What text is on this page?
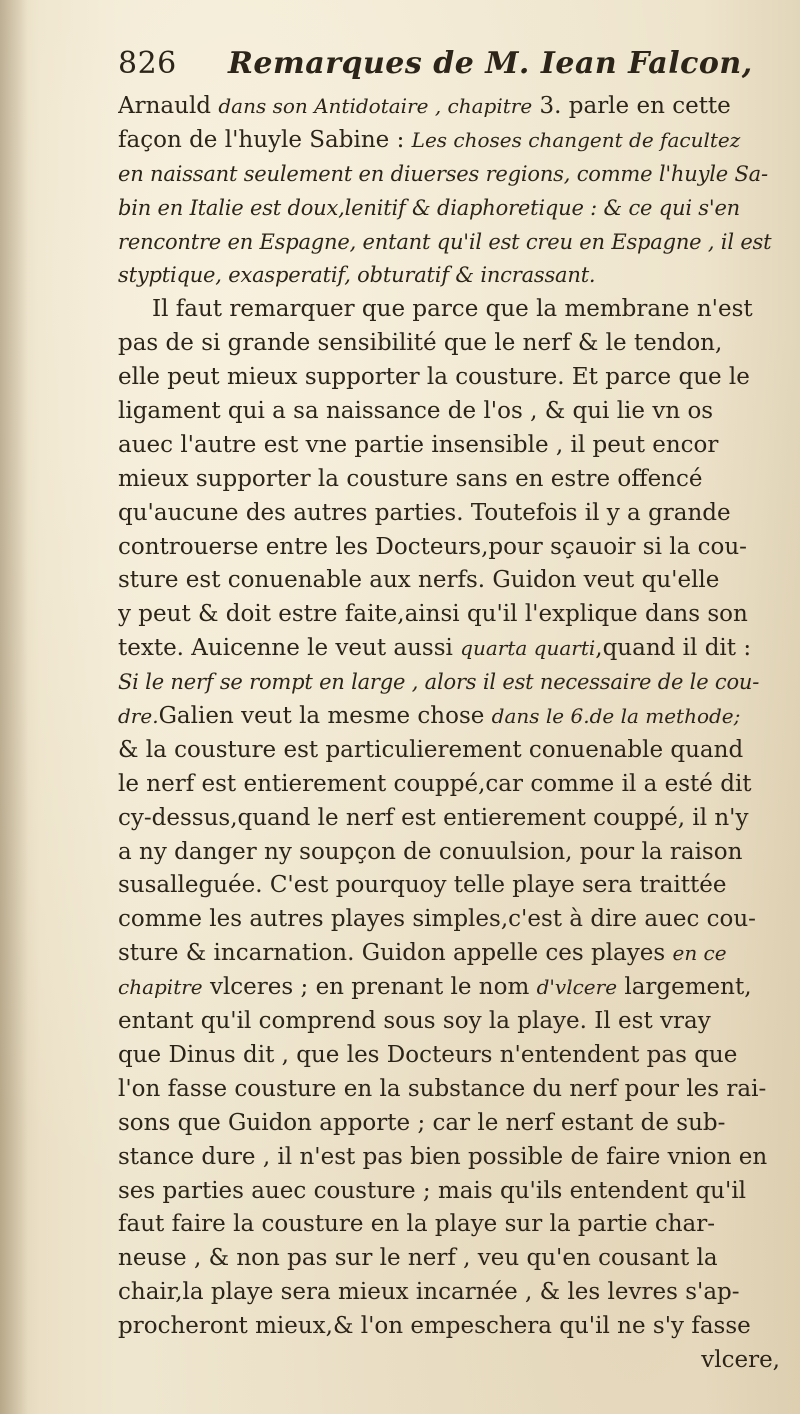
826	Remarques de M. Iean Falcon,
Arnauld dans son Antidotaire , chapitre 3. parle en cette
façon de l'huyle Sabine : Les choses changent de facultez
en naissant seulement en diuerses regions, comme l'huyle Sa-
bin en Italie est doux,lenitif & diaphoretique : & ce qui s'en
rencontre en Espagne, entant qu'il est creu en Espagne , il est
styptique, exasperatif, obturatif & incrassant.
Il faut remarquer que parce que la membrane n'est
pas de si grande sensibilité que le nerf & le tendon,
elle peut mieux supporter la cousture. Et parce que le
ligament qui a sa naissance de l'os , & qui lie vn os
auec l'autre est vne partie insensible , il peut encor
mieux supporter la cousture sans en estre offencé
qu'aucune des autres parties. Toutefois il y a grande
controuerse entre les Docteurs,pour sçauoir si la cou-
sture est conuenable aux nerfs. Guidon veut qu'elle
y peut & doit estre faite,ainsi qu'il l'explique dans son
texte. Auicenne le veut aussi quarta quarti,quand il dit :
Si le nerf se rompt en large , alors il est necessaire de le cou-
dre.Galien veut la mesme chose dans le 6.de la methode;
& la cousture est particulierement conuenable quand
le nerf est entierement couppé,car comme il a esté dit
cy-dessus,quand le nerf est entierement couppé, il n'y
a ny danger ny soupçon de conuulsion, pour la raison
susalleguée. C'est pourquoy telle playe sera traittée
comme les autres playes simples,c'est à dire auec cou-
sture & incarnation. Guidon appelle ces playes en ce
chapitre vlceres ; en prenant le nom d'vlcere largement,
entant qu'il comprend sous soy la playe. Il est vray
que Dinus dit , que les Docteurs n'entendent pas que
l'on fasse cousture en la substance du nerf pour les rai-
sons que Guidon apporte ; car le nerf estant de sub-
stance dure , il n'est pas bien possible de faire vnion en
ses parties auec cousture ; mais qu'ils entendent qu'il
faut faire la cousture en la playe sur la partie char-
neuse , & non pas sur le nerf , veu qu'en cousant la
chair,la playe sera mieux incarnée , & les levres s'ap-
procheront mieux,& l'on empeschera qu'il ne s'y fasse
vlcere,
